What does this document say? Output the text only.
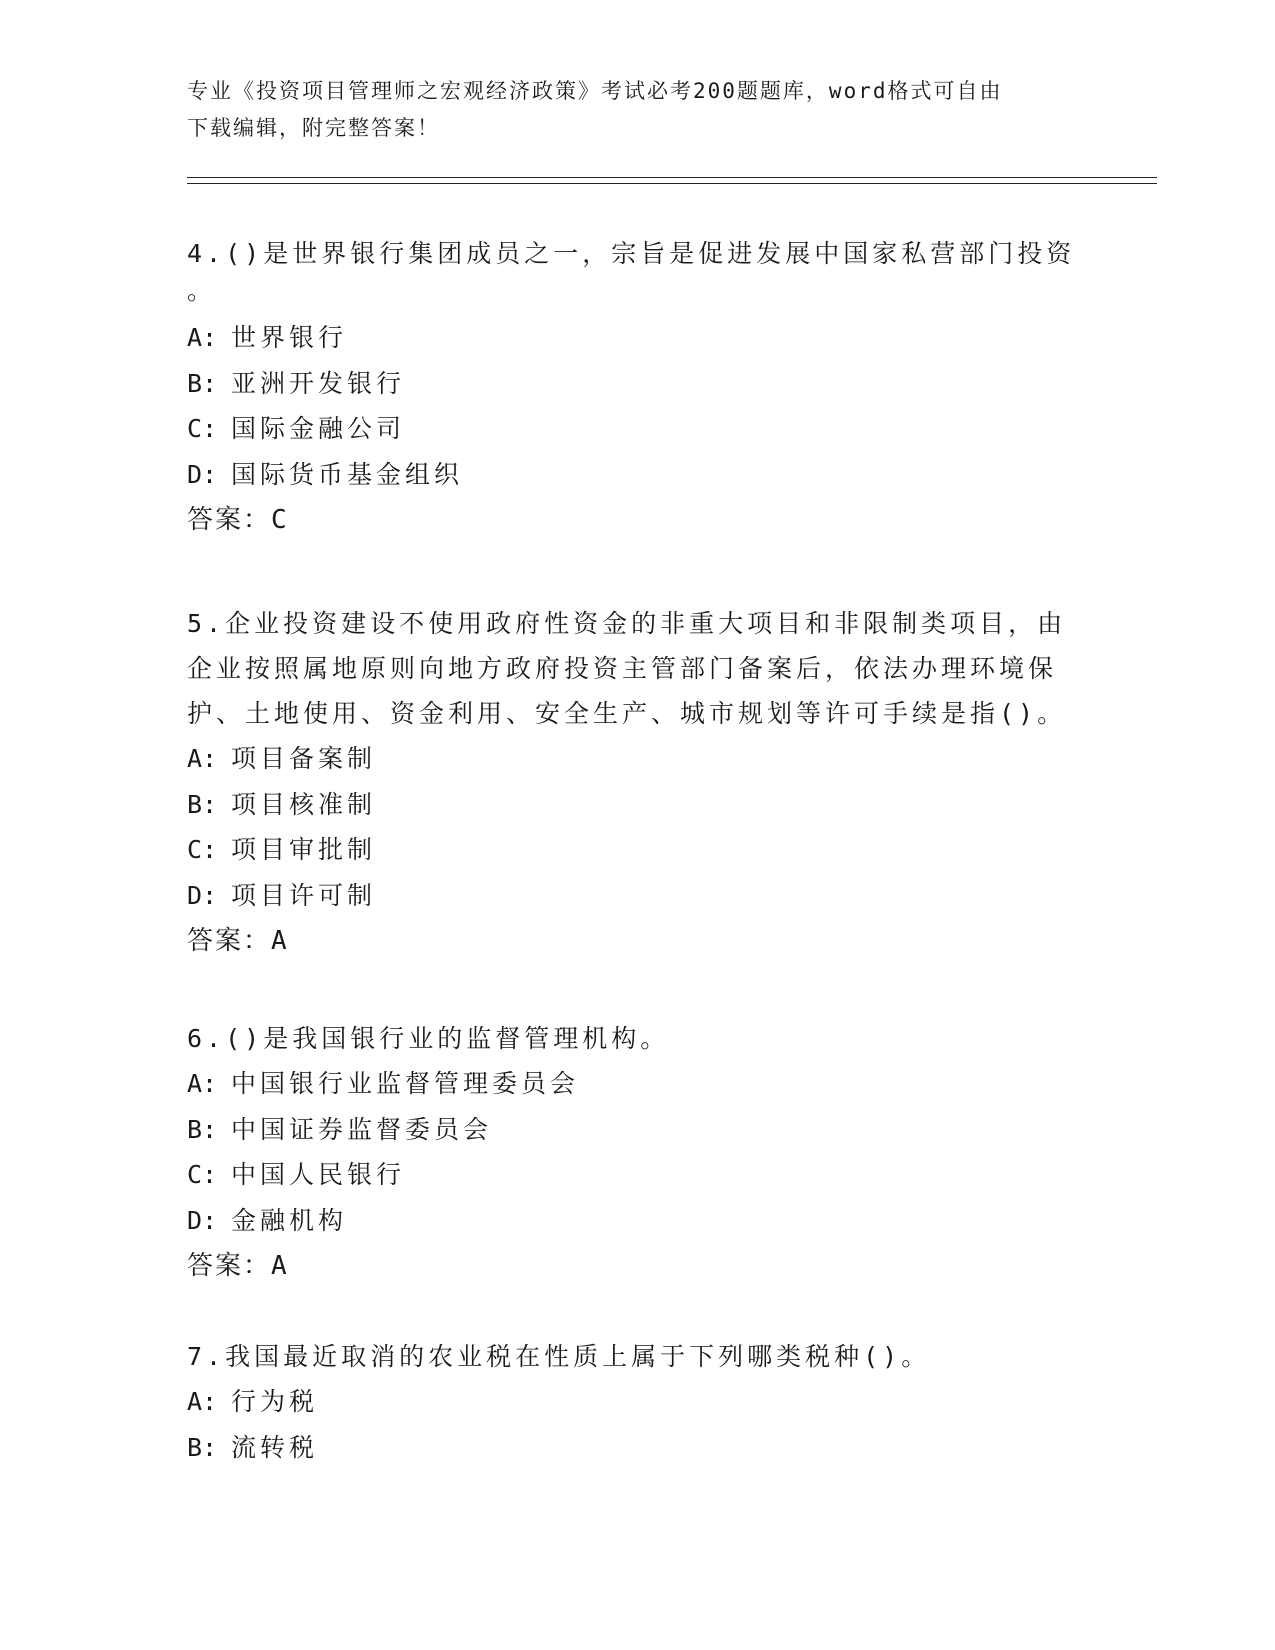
专业《投资项目管理师之宏观经济政策》考试必考200题题库，word格式可自由
下载编辑，附完整答案！

4.()是世界银行集团成员之一，宗旨是促进发展中国家私营部门投资

。

A: 世界银行

B: 亚洲开发银行

C: 国际金融公司

D: 国际货币基金组织

答案：C

5.企业投资建设不使用政府性资金的非重大项目和非限制类项目，由

企业按照属地原则向地方政府投资主管部门备案后，依法办理环境保

护、土地使用、资金利用、安全生产、城市规划等许可手续是指()。

A: 项目备案制

B: 项目核准制

C: 项目审批制

D: 项目许可制

答案：A

6.()是我国银行业的监督管理机构。

A: 中国银行业监督管理委员会

B: 中国证券监督委员会

C: 中国人民银行

D: 金融机构

答案：A

7.我国最近取消的农业税在性质上属于下列哪类税种()。

A: 行为税

B: 流转税
